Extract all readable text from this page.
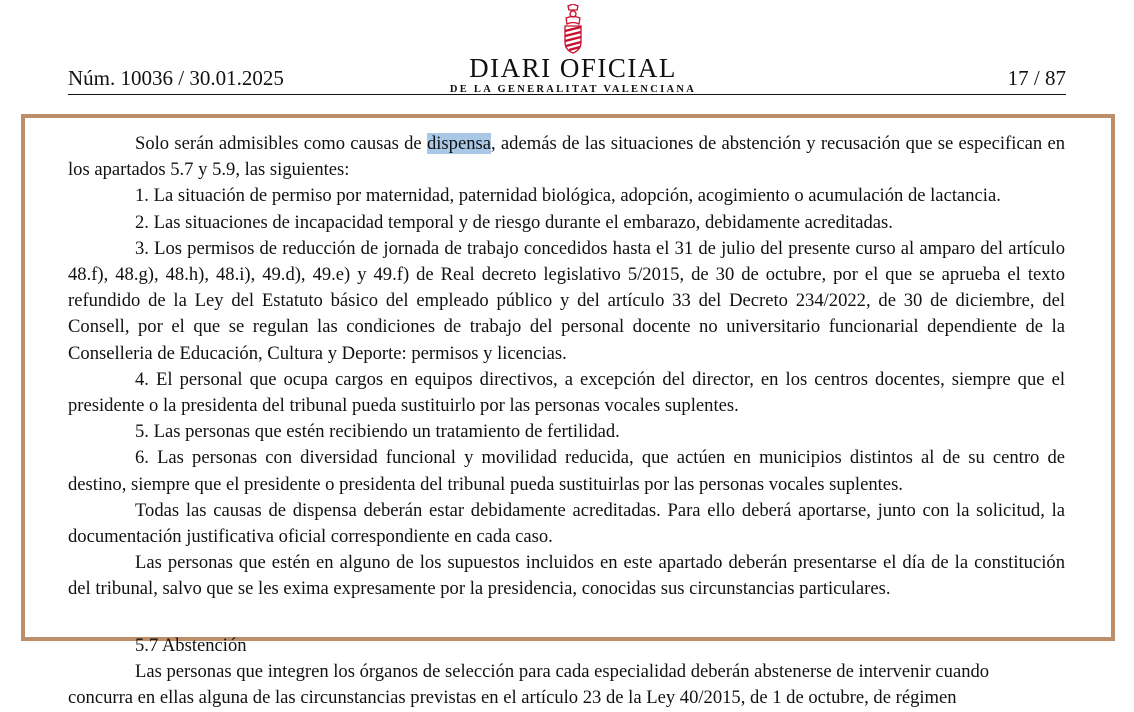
Núm. 10036 / 30.01.2025	DIARI OFICIAL
DE LA GENERALITAT VALENCIANA	17 / 87

Solo serán admisibles como causas de dispensa, además de las situaciones de abstención y recusación que se especifican en los apartados 5.7 y 5.9, las siguientes:

1. La situación de permiso por maternidad, paternidad biológica, adopción, acogimiento o acumulación de lactancia.

2. Las situaciones de incapacidad temporal y de riesgo durante el embarazo, debidamente acreditadas.

3. Los permisos de reducción de jornada de trabajo concedidos hasta el 31 de julio del presente curso al amparo del artículo 48.f), 48.g), 48.h), 48.i), 49.d), 49.e) y 49.f) de Real decreto legislativo 5/2015, de 30 de octubre, por el que se aprueba el texto refundido de la Ley del Estatuto básico del empleado público y del artículo 33 del Decreto 234/2022, de 30 de diciembre, del Consell, por el que se regulan las condiciones de trabajo del personal docente no universitario funcionarial dependiente de la Conselleria de Educación, Cultura y Deporte: permisos y licencias.

4. El personal que ocupa cargos en equipos directivos, a excepción del director, en los centros docentes, siempre que el presidente o la presidenta del tribunal pueda sustituirlo por las personas vocales suplentes.

5. Las personas que estén recibiendo un tratamiento de fertilidad.

6. Las personas con diversidad funcional y movilidad reducida, que actúen en municipios distintos al de su centro de destino, siempre que el presidente o presidenta del tribunal pueda sustituirlas por las personas vocales suplentes.

Todas las causas de dispensa deberán estar debidamente acreditadas. Para ello deberá aportarse, junto con la solicitud, la documentación justificativa oficial correspondiente en cada caso.

Las personas que estén en alguno de los supuestos incluidos en este apartado deberán presentarse el día de la constitución del tribunal, salvo que se les exima expresamente por la presidencia, conocidas sus circunstancias particulares.

5.7 Abstención

Las personas que integren los órganos de selección para cada especialidad deberán abstenerse de intervenir cuando

concurra en ellas alguna de las circunstancias previstas en el artículo 23 de la Ley 40/2015, de 1 de octubre, de régimen
